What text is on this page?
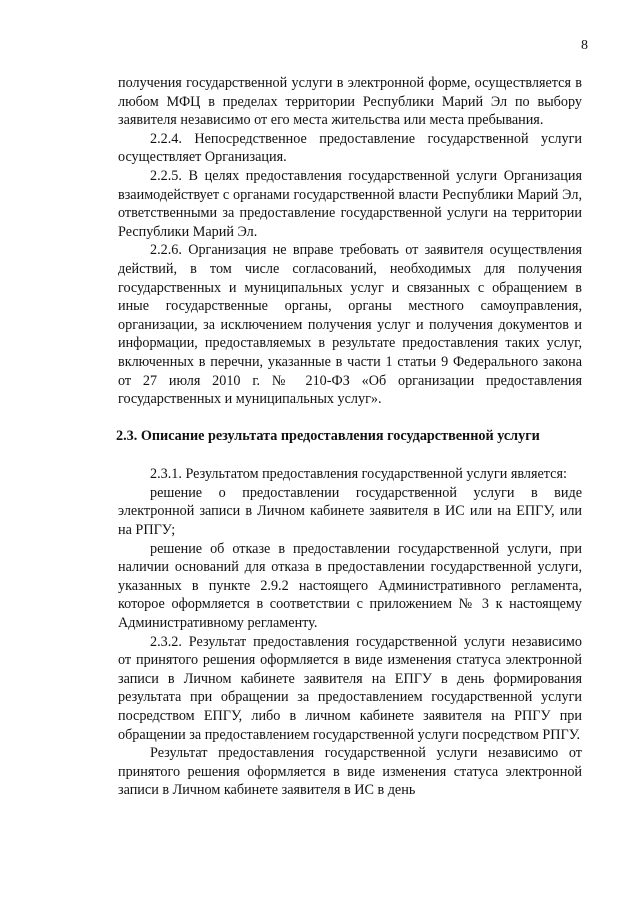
8

получения государственной услуги в электронной форме, осуществляется в любом МФЦ в пределах территории Республики Марий Эл по выбору заявителя независимо от его места жительства или места пребывания.

2.2.4. Непосредственное предоставление государственной услуги осуществляет Организация.

2.2.5. В целях предоставления государственной услуги Организация взаимодействует с органами государственной власти Республики Марий Эл, ответственными за предоставление государственной услуги на территории Республики Марий Эл.

2.2.6. Организация не вправе требовать от заявителя осуществления действий, в том числе согласований, необходимых для получения государственных и муниципальных услуг и связанных с обращением в иные государственные органы, органы местного самоуправления, организации, за исключением получения услуг и получения документов и информации, предоставляемых в результате предоставления таких услуг, включенных в перечни, указанные в части 1 статьи 9 Федерального закона от 27 июля 2010 г. № 210-ФЗ «Об организации предоставления государственных и муниципальных услуг».

2.3. Описание результата предоставления государственной услуги

2.3.1. Результатом предоставления государственной услуги является:

решение о предоставлении государственной услуги в виде электронной записи в Личном кабинете заявителя в ИС или на ЕПГУ, или на РПГУ;

решение об отказе в предоставлении государственной услуги, при наличии оснований для отказа в предоставлении государственной услуги, указанных в пункте 2.9.2 настоящего Административного регламента, которое оформляется в соответствии с приложением № 3 к настоящему Административному регламенту.

2.3.2. Результат предоставления государственной услуги независимо от принятого решения оформляется в виде изменения статуса электронной записи в Личном кабинете заявителя на ЕПГУ в день формирования результата при обращении за предоставлением государственной услуги посредством ЕПГУ, либо в личном кабинете заявителя на РПГУ при обращении за предоставлением государственной услуги посредством РПГУ.

Результат предоставления государственной услуги независимо от принятого решения оформляется в виде изменения статуса электронной записи в Личном кабинете заявителя в ИС в день
